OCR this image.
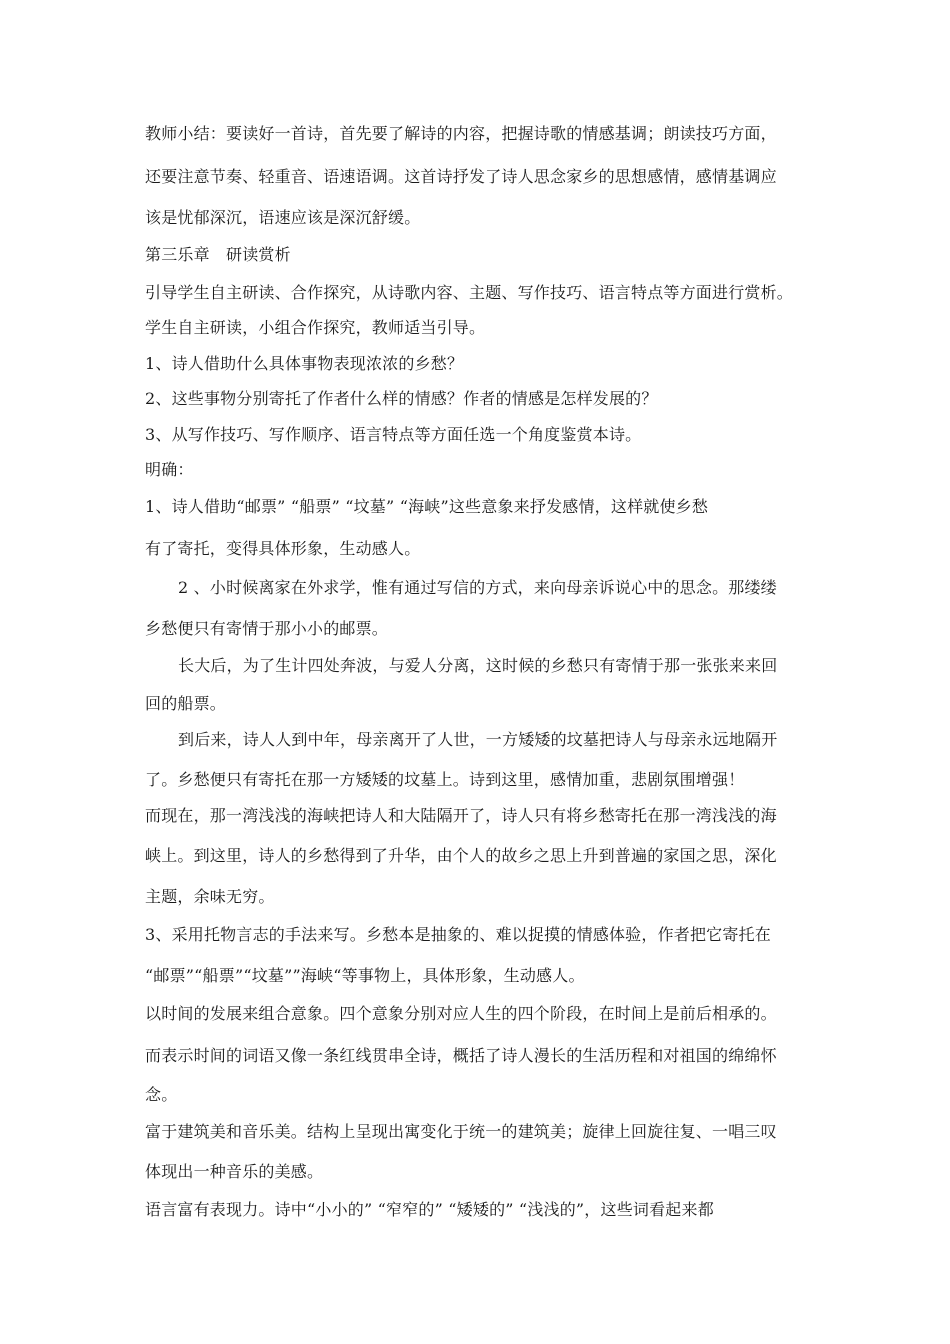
教师小结：要读好一首诗，首先要了解诗的内容，把握诗歌的情感基调；朗读技巧方面，
还要注意节奏、轻重音、语速语调。这首诗抒发了诗人思念家乡的思想感情，感情基调应
该是忧郁深沉，语速应该是深沉舒缓。
第三乐章　研读赏析
引导学生自主研读、合作探究，从诗歌内容、主题、写作技巧、语言特点等方面进行赏析。
学生自主研读，小组合作探究，教师适当引导。
1、诗人借助什么具体事物表现浓浓的乡愁？
2、这些事物分别寄托了作者什么样的情感？作者的情感是怎样发展的？
3、从写作技巧、写作顺序、语言特点等方面任选一个角度鉴赏本诗。
明确：
1、诗人借助“邮票” “船票” “坟墓” “海峡”这些意象来抒发感情，这样就使乡愁
有了寄托，变得具体形象，生动感人。
2 、小时候离家在外求学，惟有通过写信的方式，来向母亲诉说心中的思念。那缕缕
乡愁便只有寄情于那小小的邮票。
长大后，为了生计四处奔波，与爱人分离，这时候的乡愁只有寄情于那一张张来来回
回的船票。
到后来，诗人人到中年，母亲离开了人世，一方矮矮的坟墓把诗人与母亲永远地隔开
了。乡愁便只有寄托在那一方矮矮的坟墓上。诗到这里，感情加重，悲剧氛围增强！
而现在，那一湾浅浅的海峡把诗人和大陆隔开了，诗人只有将乡愁寄托在那一湾浅浅的海
峡上。到这里，诗人的乡愁得到了升华，由个人的故乡之思上升到普遍的家国之思，深化
主题，余味无穷。
3、采用托物言志的手法来写。乡愁本是抽象的、难以捉摸的情感体验，作者把它寄托在
“邮票”“船票”“坟墓””海峡“等事物上，具体形象，生动感人。
以时间的发展来组合意象。四个意象分别对应人生的四个阶段，在时间上是前后相承的。
而表示时间的词语又像一条红线贯串全诗，概括了诗人漫长的生活历程和对祖国的绵绵怀
念。
富于建筑美和音乐美。结构上呈现出寓变化于统一的建筑美；旋律上回旋往复、一唱三叹
体现出一种音乐的美感。
语言富有表现力。诗中“小小的” “窄窄的” “矮矮的” “浅浅的”，这些词看起来都
